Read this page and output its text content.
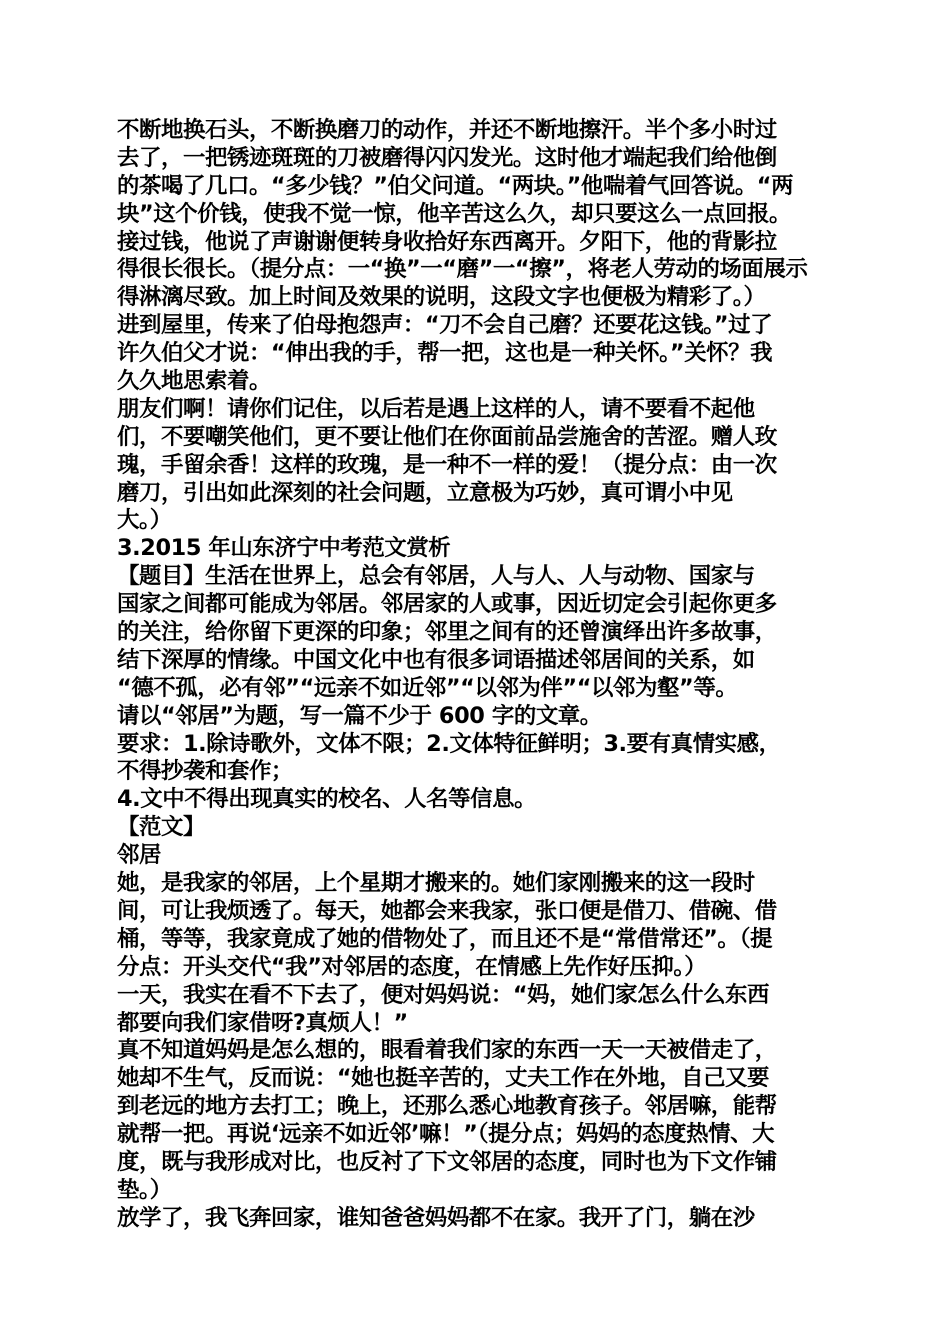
不断地换石头，不断换磨刀的动作，并还不断地擦汗。半个多小时过
去了，一把锈迹斑斑的刀被磨得闪闪发光。这时他才端起我们给他倒
的茶喝了几口。“多少钱？”伯父问道。“两块。”他喘着气回答说。“两
块”这个价钱，使我不觉一惊，他辛苦这么久，却只要这么一点回报。
接过钱，他说了声谢谢便转身收拾好东西离开。夕阳下，他的背影拉
得很长很长。（提分点：一“换”一“磨”一“擦”，将老人劳动的场面展示
得淋漓尽致。加上时间及效果的说明，这段文字也便极为精彩了。）
进到屋里，传来了伯母抱怨声：“刀不会自己磨？还要花这钱。”过了
许久伯父才说：“伸出我的手，帮一把，这也是一种关怀。”关怀？我
久久地思索着。
朋友们啊！请你们记住，以后若是遇上这样的人，请不要看不起他
们，不要嘲笑他们，更不要让他们在你面前品尝施舍的苦涩。赠人玫
瑰，手留余香！这样的玫瑰，是一种不一样的爱！（提分点：由一次
磨刀，引出如此深刻的社会问题，立意极为巧妙，真可谓小中见
大。）
3.2015 年山东济宁中考范文赏析
【题目】生活在世界上，总会有邻居，人与人、人与动物、国家与
国家之间都可能成为邻居。邻居家的人或事，因近切定会引起你更多
的关注，给你留下更深的印象；邻里之间有的还曾演绎出许多故事，
结下深厚的情缘。中国文化中也有很多词语描述邻居间的关系，如
“德不孤，必有邻”“远亲不如近邻”“以邻为伴”“以邻为壑”等。
请以“邻居”为题，写一篇不少于 600 字的文章。
要求：1.除诗歌外，文体不限；2.文体特征鲜明；3.要有真情实感，
不得抄袭和套作；
4.文中不得出现真实的校名、人名等信息。
【范文】
邻居
她，是我家的邻居，上个星期才搬来的。她们家刚搬来的这一段时
间，可让我烦透了。每天，她都会来我家，张口便是借刀、借碗、借
桶，等等，我家竟成了她的借物处了，而且还不是“常借常还”。（提
分点：开头交代“我”对邻居的态度，在情感上先作好压抑。）
一天，我实在看不下去了，便对妈妈说：“妈，她们家怎么什么东西
都要向我们家借呀?真烦人！”
真不知道妈妈是怎么想的，眼看着我们家的东西一天一天被借走了，
她却不生气，反而说：“她也挺辛苦的，丈夫工作在外地，自己又要
到老远的地方去打工；晚上，还那么悉心地教育孩子。邻居嘛，能帮
就帮一把。再说‘远亲不如近邻’嘛！”（提分点；妈妈的态度热情、大
度，既与我形成对比，也反衬了下文邻居的态度，同时也为下文作铺
垫。）
放学了，我飞奔回家，谁知爸爸妈妈都不在家。我开了门，躺在沙
